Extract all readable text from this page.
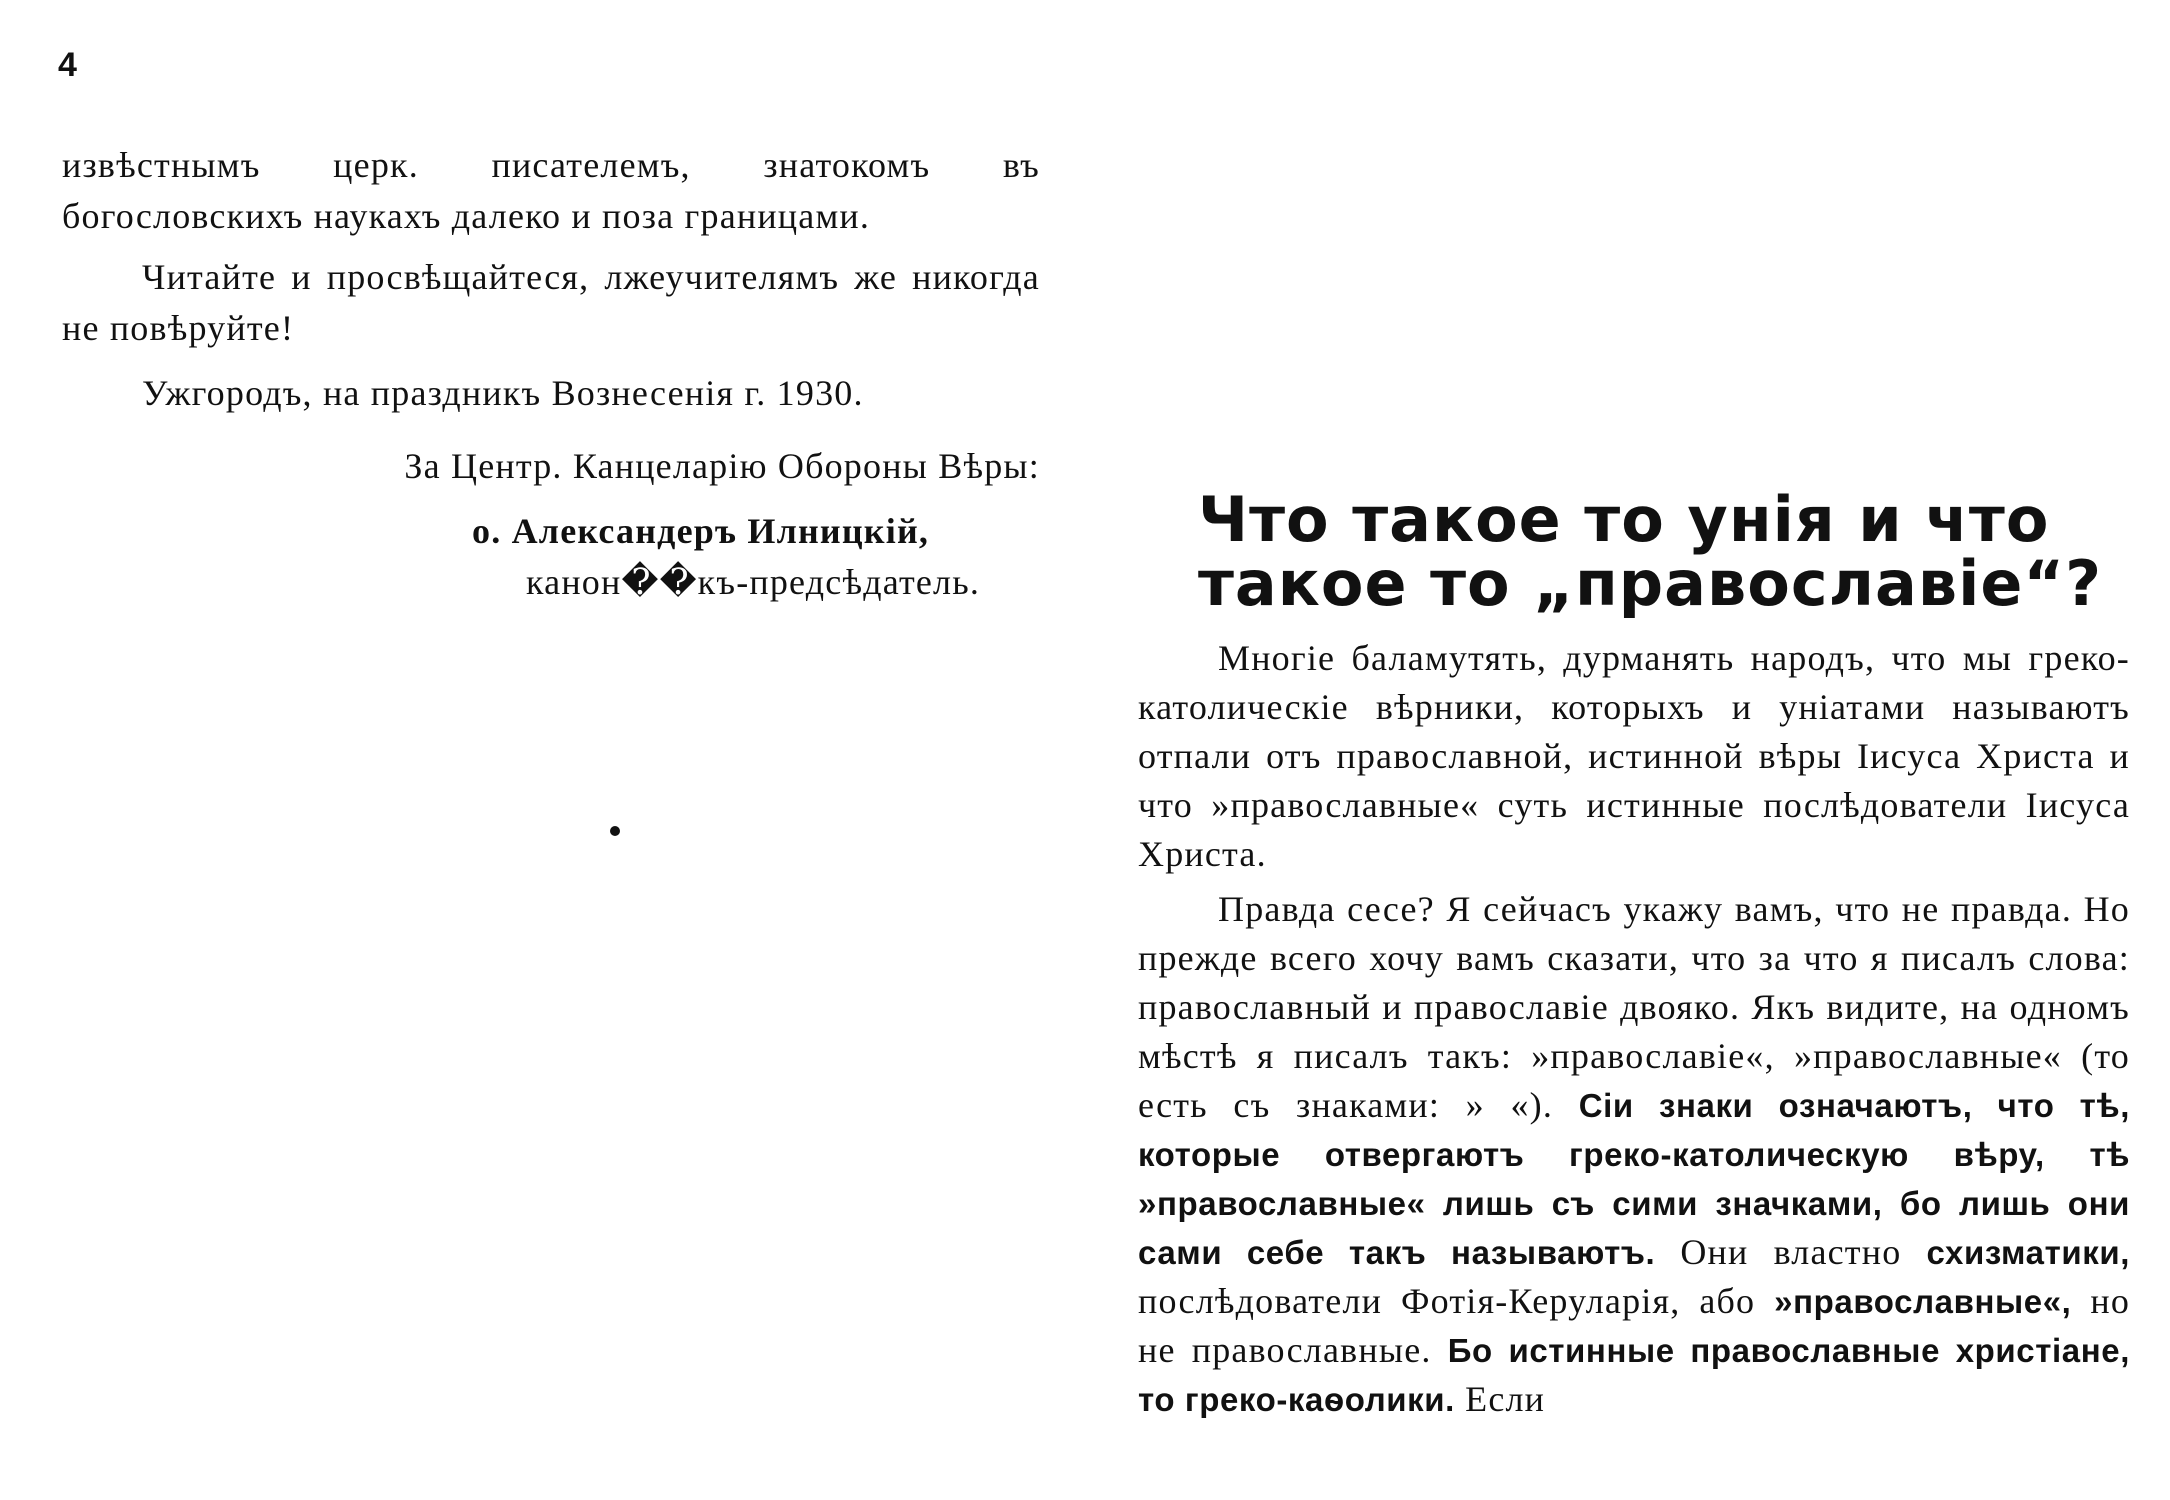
4

извѣстнымъ церк. писателемъ, знатокомъ въ богословскихъ наукахъ далеко и поза границами.

Читайте и просвѣщайтеся, лжеучителямъ же никогда не повѣруйте!

Ужгородъ, на праздникъ Вознесенія г. 1930.

За Центр. Канцеларію Обороны Вѣры:

о. Александеръ Илницкій,

канон��къ-предсѣдатель.

Что такое то унія и что
такое то „православіе“?

Многіе баламутять, дурманять народъ, что мы греко-католическіе вѣрники, которыхъ и уніатами называютъ отпали отъ православной, истинной вѣры Іисуса Христа и что »православные« суть истинные послѣдователи Іисуса Христа.

Правда сесе? Я сейчасъ укажу вамъ, что не правда. Но прежде всего хочу вамъ сказати, что за что я писалъ слова: православный и православіе двояко. Якъ видите, на одномъ мѣстѣ я писалъ такъ: »православіе«, »православные« (то есть съ знаками: » «). Сіи знаки означаютъ, что тѣ, которые отвергаютъ греко-католическую вѣру, тѣ »православные« лишь съ сими значками, бо лишь они сами себе такъ называютъ. Они властно схизматики, послѣдователи Фотія-Керуларія, або »православные«, но не православные. Бо истинные православные христіане, то греко-каѳолики. Если
